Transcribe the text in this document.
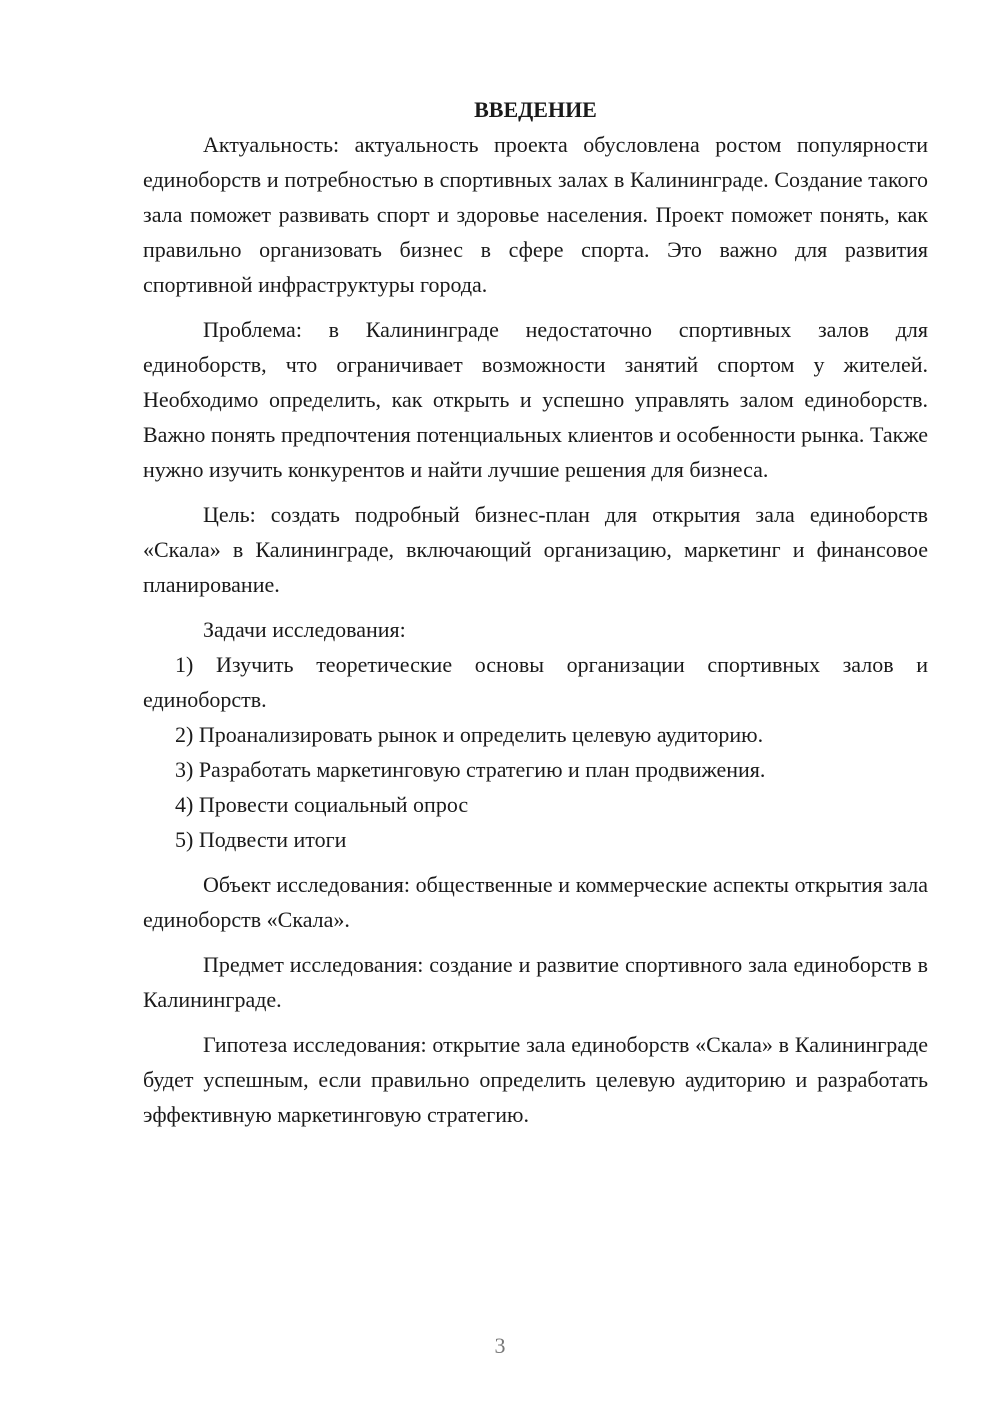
ВВЕДЕНИЕ

Актуальность: актуальность проекта обусловлена ростом популярности единоборств и потребностью в спортивных залах в Калининграде. Создание такого зала поможет развивать спорт и здоровье населения. Проект поможет понять, как правильно организовать бизнес в сфере спорта. Это важно для развития спортивной инфраструктуры города.

Проблема: в Калининграде недостаточно спортивных залов для единоборств, что ограничивает возможности занятий спортом у жителей. Необходимо определить, как открыть и успешно управлять залом единоборств. Важно понять предпочтения потенциальных клиентов и особенности рынка. Также нужно изучить конкурентов и найти лучшие решения для бизнеса.

Цель: создать подробный бизнес-план для открытия зала единоборств «Скала» в Калининграде, включающий организацию, маркетинг и финансовое планирование.

Задачи исследования:

1) Изучить теоретические основы организации спортивных залов и единоборств.

2) Проанализировать рынок и определить целевую аудиторию.

3) Разработать маркетинговую стратегию и план продвижения.

4) Провести социальный опрос

5) Подвести итоги

Объект исследования: общественные и коммерческие аспекты открытия зала единоборств «Скала».

Предмет исследования: создание и развитие спортивного зала единоборств в Калининграде.

Гипотеза исследования: открытие зала единоборств «Скала» в Калининграде будет успешным, если правильно определить целевую аудиторию и разработать эффективную маркетинговую стратегию.

3
